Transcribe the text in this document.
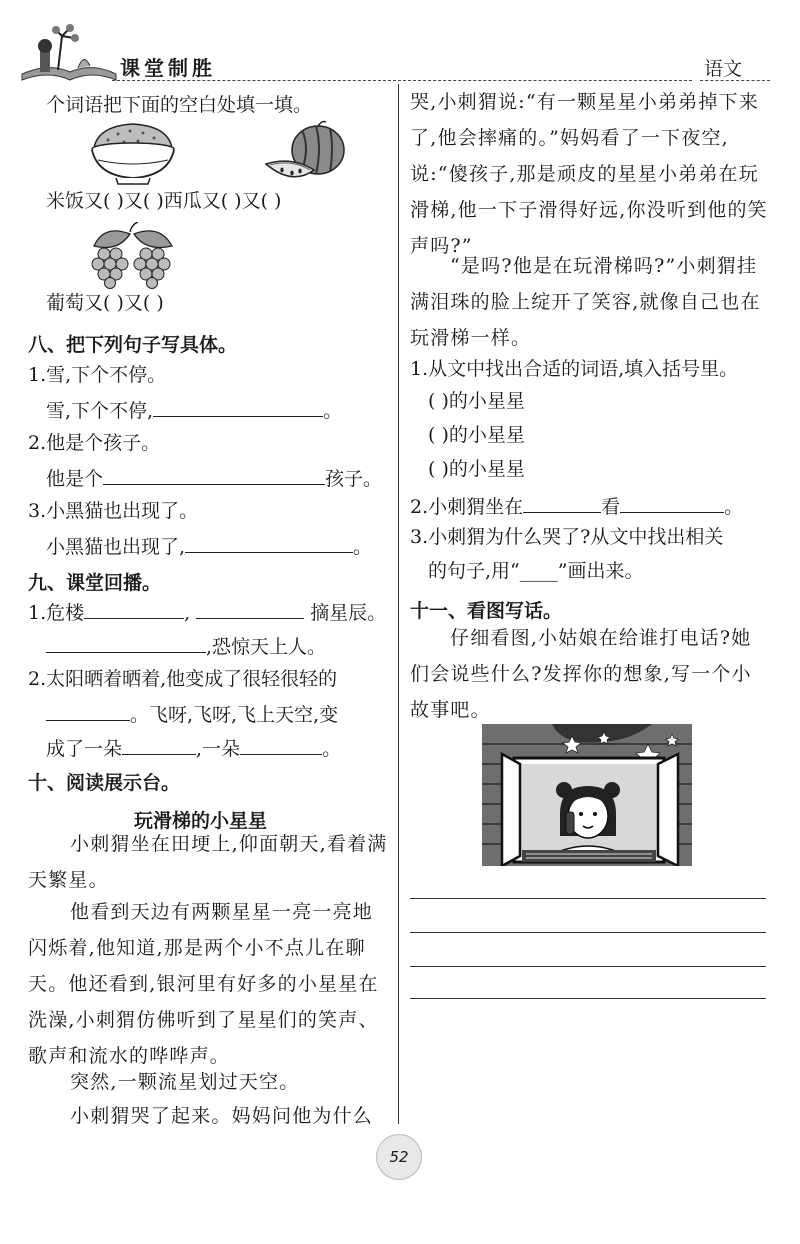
课堂制胜	语文
个词语把下面的空白处填一填。
米饭又( )又( )西瓜又( )又( )
葡萄又( )又( )
八、把下列句子写具体。
1.雪,下个不停。
雪,下个不停,	。
2.他是个孩子。
他是个	孩子。
3.小黑猫也出现了。
小黑猫也出现了,	。
九、课堂回播。
1.危楼	,	摘星辰。
,恐惊天上人。
2.太阳晒着晒着,他变成了很轻很轻的
。飞呀,飞呀,飞上天空,变
成了一朵	,一朵	。
十、阅读展示台。
玩滑梯的小星星
小刺猬坐在田埂上,仰面朝天,看着满天繁星。
他看到天边有两颗星星一亮一亮地闪烁着,他知道,那是两个小不点儿在聊天。他还看到,银河里有好多的小星星在洗澡,小刺猬仿佛听到了星星们的笑声、歌声和流水的哗哗声。
突然,一颗流星划过天空。
小刺猬哭了起来。妈妈问他为什么
哭,小刺猬说:“有一颗星星小弟弟掉下来了,他会摔痛的。”妈妈看了一下夜空,说:“傻孩子,那是顽皮的星星小弟弟在玩滑梯,他一下子滑得好远,你没听到他的笑声吗?”
“是吗?他是在玩滑梯吗?”小刺猬挂满泪珠的脸上绽开了笑容,就像自己也在玩滑梯一样。
1.从文中找出合适的词语,填入括号里。
( )的小星星
( )的小星星
( )的小星星
2.小刺猬坐在	看	。
3.小刺猬为什么哭了?从文中找出相关
的句子,用“____”画出来。
十一、看图写话。
仔细看图,小姑娘在给谁打电话?她们会说些什么?发挥你的想象,写一个小故事吧。
52
